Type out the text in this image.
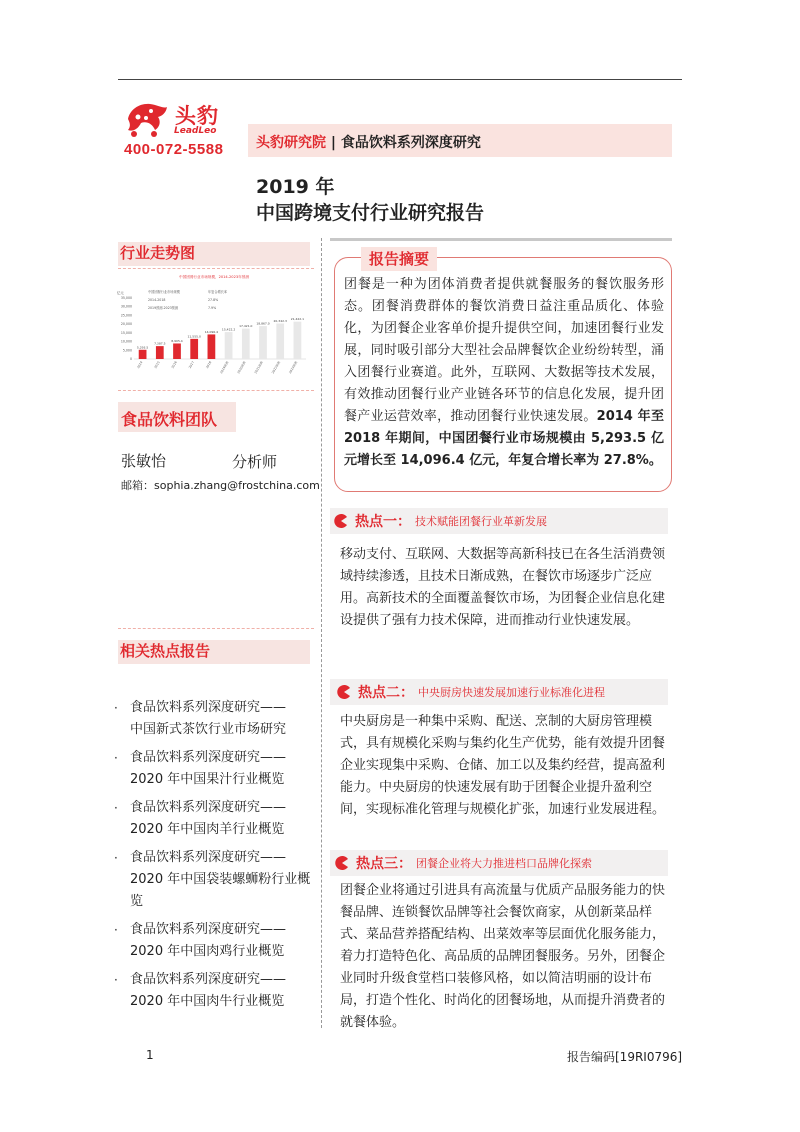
头豹
LeadLeo
400-072-5588 头豹研究院 | 食品饮料系列深度研究
2019 年
中国跨境支付行业研究报告
行业走势图
中国团餐行业市场规模，2014-2023年预测
中国团餐行业市场规模	年复合增长率
2014-2018	27.8%
2019预测-2023预测	7.9%
亿元
35,000
30,000
25,000
20,000
15,000
10,000
5,000
0
5,293.5
2014
7,387.5
2015
8,905.4
2016
11,555.0
2017
14,096.4
2018
15,422.2
2019预测
17,421.0
2020预测
18,867.0
2021预测
20,342.3
2022预测
21,422.1
2023预测
食品饮料团队
张敏怡	分析师
邮箱：sophia.zhang@frostchina.com
相关热点报告
· 食品饮料系列深度研究——
中国新式茶饮行业市场研究
· 食品饮料系列深度研究——
2020 年中国果汁行业概览
· 食品饮料系列深度研究——
2020 年中国肉羊行业概览
· 食品饮料系列深度研究——
2020 年中国袋装螺蛳粉行业概览
· 食品饮料系列深度研究——
2020 年中国肉鸡行业概览
· 食品饮料系列深度研究——
2020 年中国肉牛行业概览
报告摘要
团餐是一种为团体消费者提供就餐服务的餐饮服务形态。团餐消费群体的餐饮消费日益注重品质化、体验化，为团餐企业客单价提升提供空间，加速团餐行业发展，同时吸引部分大型社会品牌餐饮企业纷纷转型，涌入团餐行业赛道。此外，互联网、大数据等技术发展，有效推动团餐行业产业链各环节的信息化发展，提升团餐产业运营效率，推动团餐行业快速发展。2014 年至 2018 年期间，中国团餐行业市场规模由 5,293.5 亿元增长至 14,096.4 亿元，年复合增长率为 27.8%。
热点一： 技术赋能团餐行业革新发展
移动支付、互联网、大数据等高新科技已在各生活消费领域持续渗透，且技术日渐成熟，在餐饮市场逐步广泛应用。高新技术的全面覆盖餐饮市场，为团餐企业信息化建设提供了强有力技术保障，进而推动行业快速发展。
热点二： 中央厨房快速发展加速行业标准化进程
中央厨房是一种集中采购、配送、烹制的大厨房管理模式，具有规模化采购与集约化生产优势，能有效提升团餐企业实现集中采购、仓储、加工以及集约经营，提高盈利能力。中央厨房的快速发展有助于团餐企业提升盈利空间，实现标准化管理与规模化扩张，加速行业发展进程。
热点三： 团餐企业将大力推进档口品牌化探索
团餐企业将通过引进具有高流量与优质产品服务能力的快餐品牌、连锁餐饮品牌等社会餐饮商家，从创新菜品样式、菜品营养搭配结构、出菜效率等层面优化服务能力，着力打造特色化、高品质的品牌团餐服务。另外，团餐企业同时升级食堂档口装修风格，如以简洁明丽的设计布局，打造个性化、时尚化的团餐场地，从而提升消费者的就餐体验。
1	报告编码[19RI0796]
